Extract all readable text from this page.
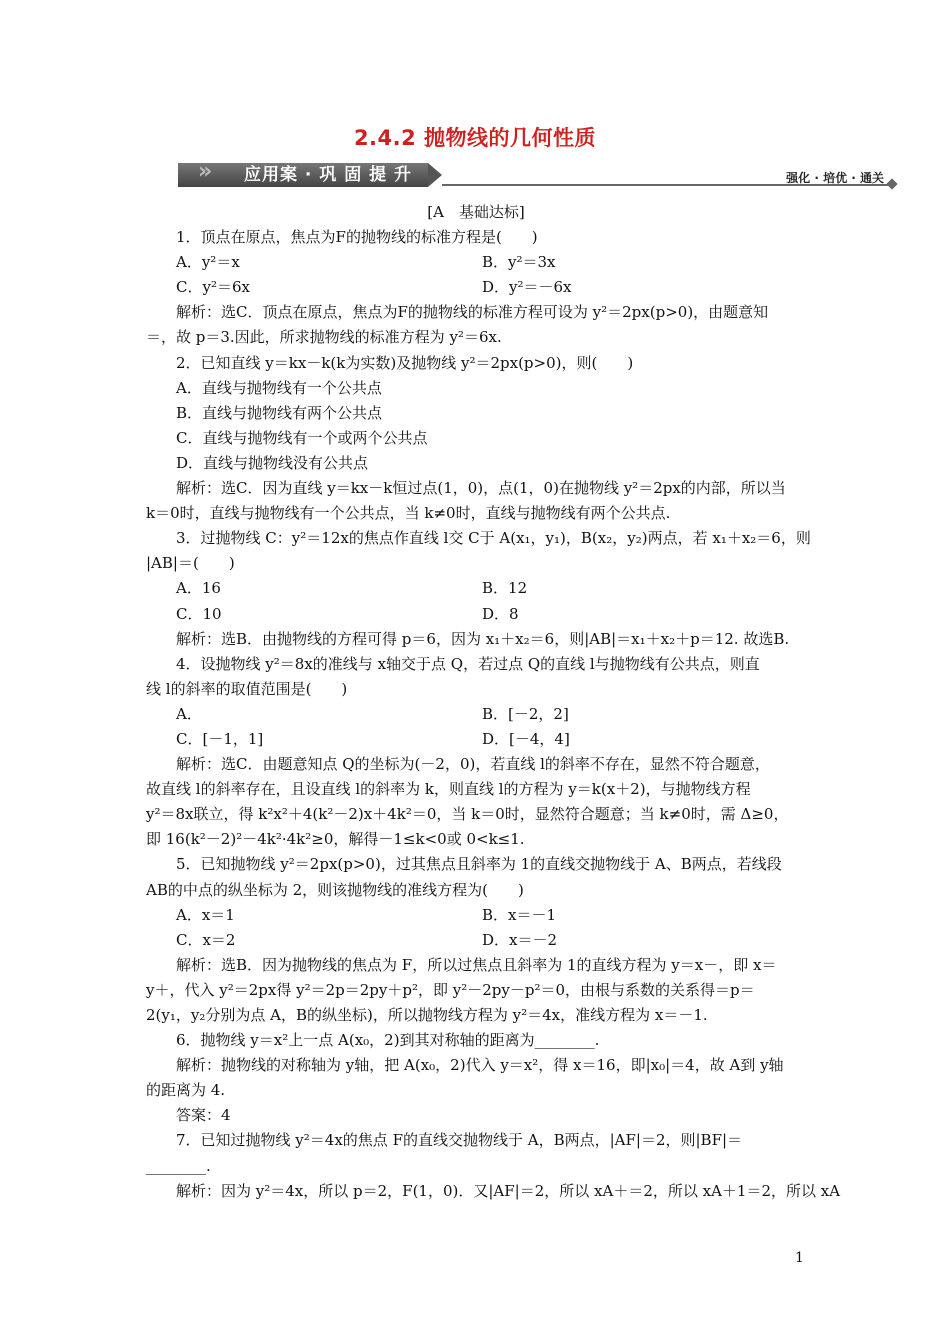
2.4.2 抛物线的几何性质
» 应用案 · 巩 固 提 升	强化 · 培优 · 通关
[A　基础达标]
1．顶点在原点，焦点为F的抛物线的标准方程是(　　)
A．y²＝x	B．y²＝3x
C．y²＝6x	D．y²＝－6x
解析：选C．顶点在原点，焦点为F的抛物线的标准方程可设为 y²＝2px(p>0)，由题意知
＝，故 p＝3.因此，所求抛物线的标准方程为 y²＝6x.
2．已知直线 y＝kx－k(k为实数)及抛物线 y²＝2px(p>0)，则(　　)
A．直线与抛物线有一个公共点
B．直线与抛物线有两个公共点
C．直线与抛物线有一个或两个公共点
D．直线与抛物线没有公共点
解析：选C．因为直线 y＝kx－k恒过点(1，0)，点(1，0)在抛物线 y²＝2px的内部，所以当
k＝0时，直线与抛物线有一个公共点，当 k≠0时，直线与抛物线有两个公共点.
3．过抛物线 C：y²＝12x的焦点作直线 l交 C于 A(x₁，y₁)，B(x₂，y₂)两点，若 x₁＋x₂＝6，则
|AB|＝(　　)
A．16	B．12
C．10	D．8
解析：选B．由抛物线的方程可得 p＝6，因为 x₁＋x₂＝6，则|AB|＝x₁＋x₂＋p＝12. 故选B.
4．设抛物线 y²＝8x的准线与 x轴交于点 Q，若过点 Q的直线 l与抛物线有公共点，则直
线 l的斜率的取值范围是(　　)
A．	B．[－2，2]
C．[－1，1]	D．[－4，4]
解析：选C．由题意知点 Q的坐标为(－2，0)，若直线 l的斜率不存在，显然不符合题意，
故直线 l的斜率存在，且设直线 l的斜率为 k，则直线 l的方程为 y＝k(x＋2)，与抛物线方程
y²＝8x联立，得 k²x²＋4(k²－2)x＋4k²＝0，当 k＝0时，显然符合题意；当 k≠0时，需 Δ≥0，
即 16(k²－2)²－4k²·4k²≥0，解得－1≤k<0或 0<k≤1.
5．已知抛物线 y²＝2px(p>0)，过其焦点且斜率为 1的直线交抛物线于 A、B两点，若线段
AB的中点的纵坐标为 2，则该抛物线的准线方程为(　　)
A．x＝1	B．x＝－1
C．x＝2	D．x＝－2
解析：选B．因为抛物线的焦点为 F，所以过焦点且斜率为 1的直线方程为 y＝x－，即 x＝
y＋，代入 y²＝2px得 y²＝2p＝2py＋p²，即 y²－2py－p²＝0，由根与系数的关系得＝p＝
2(y₁，y₂分别为点 A，B的纵坐标)，所以抛物线方程为 y²＝4x，准线方程为 x＝－1.
6．抛物线 y＝x²上一点 A(x₀，2)到其对称轴的距离为________.
解析：抛物线的对称轴为 y轴，把 A(x₀，2)代入 y＝x²，得 x＝16，即|x₀|＝4，故 A到 y轴
的距离为 4.
答案：4
7．已知过抛物线 y²＝4x的焦点 F的直线交抛物线于 A，B两点，|AF|＝2，则|BF|＝
________.
解析：因为 y²＝4x，所以 p＝2，F(1，0)．又|AF|＝2，所以 xA＋＝2，所以 xA＋1＝2，所以 xA
1
